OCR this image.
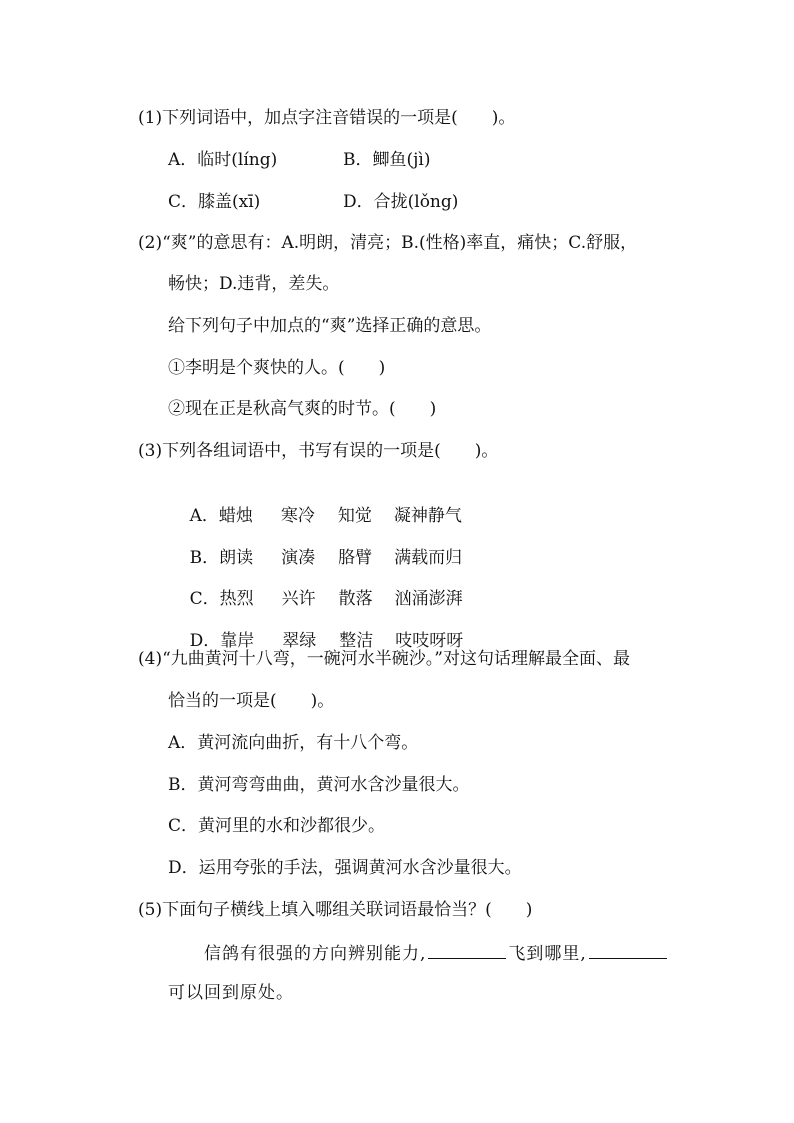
(1)下列词语中，加点字注音错误的一项是(　　)。
A．临时(líng)	B．鲫鱼(jì)
C．膝盖(xī)	D．合拢(lǒng)
(2)“爽”的意思有：A.明朗，清亮；B.(性格)率直，痛快；C.舒服，
畅快；D.违背，差失。
给下列句子中加点的“爽”选择正确的意思。
①李明是个爽快的人。(　　)
②现在正是秋高气爽的时节。(　　)
(3)下列各组词语中，书写有误的一项是(　　)。

A．蜡烛 寒冷 知觉 凝神静气

B．朗读 演凑 胳臂 满载而归

C．热烈 兴许 散落 汹涌澎湃

D．靠岸 翠绿 整洁 吱吱呀呀

(4)“九曲黄河十八弯，一碗河水半碗沙。”对这句话理解最全面、最
恰当的一项是(　　)。
A．黄河流向曲折，有十八个弯。
B．黄河弯弯曲曲，黄河水含沙量很大。
C．黄河里的水和沙都很少。
D．运用夸张的手法，强调黄河水含沙量很大。
(5)下面句子横线上填入哪组关联词语最恰当？(　　)
信鸽有很强的方向辨别能力,	飞到哪里,
可以回到原处。
